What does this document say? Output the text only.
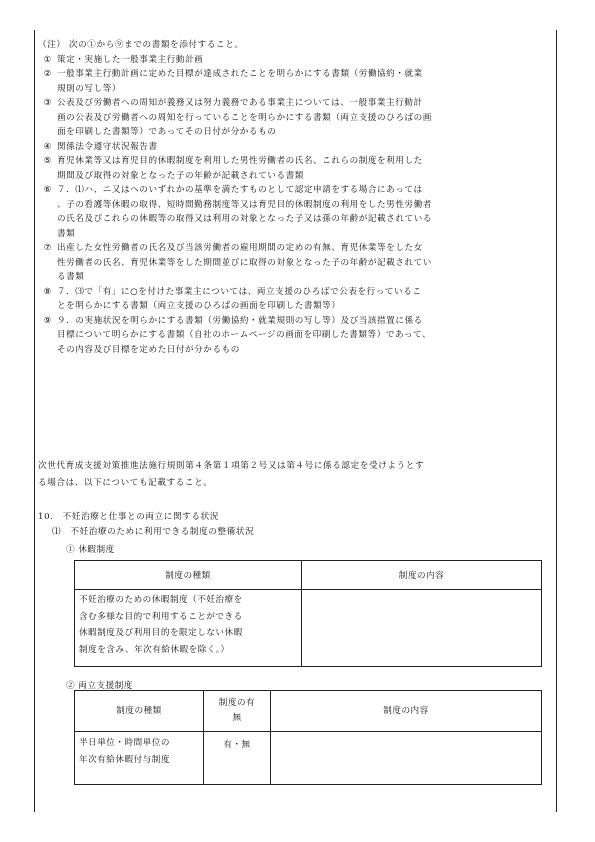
（注） 次の①から⑨までの書類を添付すること。
① 策定・実施した一般事業主行動計画
② 一般事業主行動計画に定めた目標が達成されたことを明らかにする書類（労働協約・就業
規則の写し等）
③ 公表及び労働者への周知が義務又は努力義務である事業主については、一般事業主行動計
画の公表及び労働者への周知を行っていることを明らかにする書類（両立支援のひろばの画
面を印刷した書類等）であってその日付が分かるもの
④ 関係法令遵守状況報告書
⑤ 育児休業等又は育児目的休暇制度を利用した男性労働者の氏名、これらの制度を利用した
期間及び取得の対象となった子の年齢が記載されている書類
⑥ ７．⑴ハ、ニ又はヘのいずれかの基準を満たすものとして認定申請をする場合にあっては
、子の看護等休暇の取得、短時間勤務制度等又は育児目的休暇制度の利用をした男性労働者
の氏名及びこれらの休暇等の取得又は利用の対象となった子又は孫の年齢が記載されている
書類
⑦ 出産した女性労働者の氏名及び当該労働者の雇用期間の定めの有無、育児休業等をした女
性労働者の氏名、育児休業等をした期間並びに取得の対象となった子の年齢が記載されてい
る書類
⑧ ７．⑶で「有」に○を付けた事業主については、両立支援のひろばで公表を行っているこ
とを明らかにする書類（両立支援のひろばの画面を印刷した書類等）
⑨ ９．の実施状況を明らかにする書類（労働協約・就業規則の写し等）及び当該措置に係る
目標について明らかにする書類（自社のホームページの画面を印刷した書類等）であって、
その内容及び目標を定めた日付が分かるもの
次世代育成支援対策推進法施行規則第４条第１項第２号又は第４号に係る認定を受けようとす
る場合は、以下についても記載すること。
10.　不妊治療と仕事との両立に関する状況
⑴　不妊治療のために利用できる制度の整備状況
① 休暇制度
制度の種類	制度の内容

不妊治療のための休暇制度（不妊治療を
含む多様な目的で利用することができる
休暇制度及び利用目的を限定しない休暇
制度を含み、年次有給休暇を除く。）	

② 両立支援制度
制度の種類	制度の有
無	制度の内容

半日単位・時間単位の
年次有給休暇付与制度	有・無	
